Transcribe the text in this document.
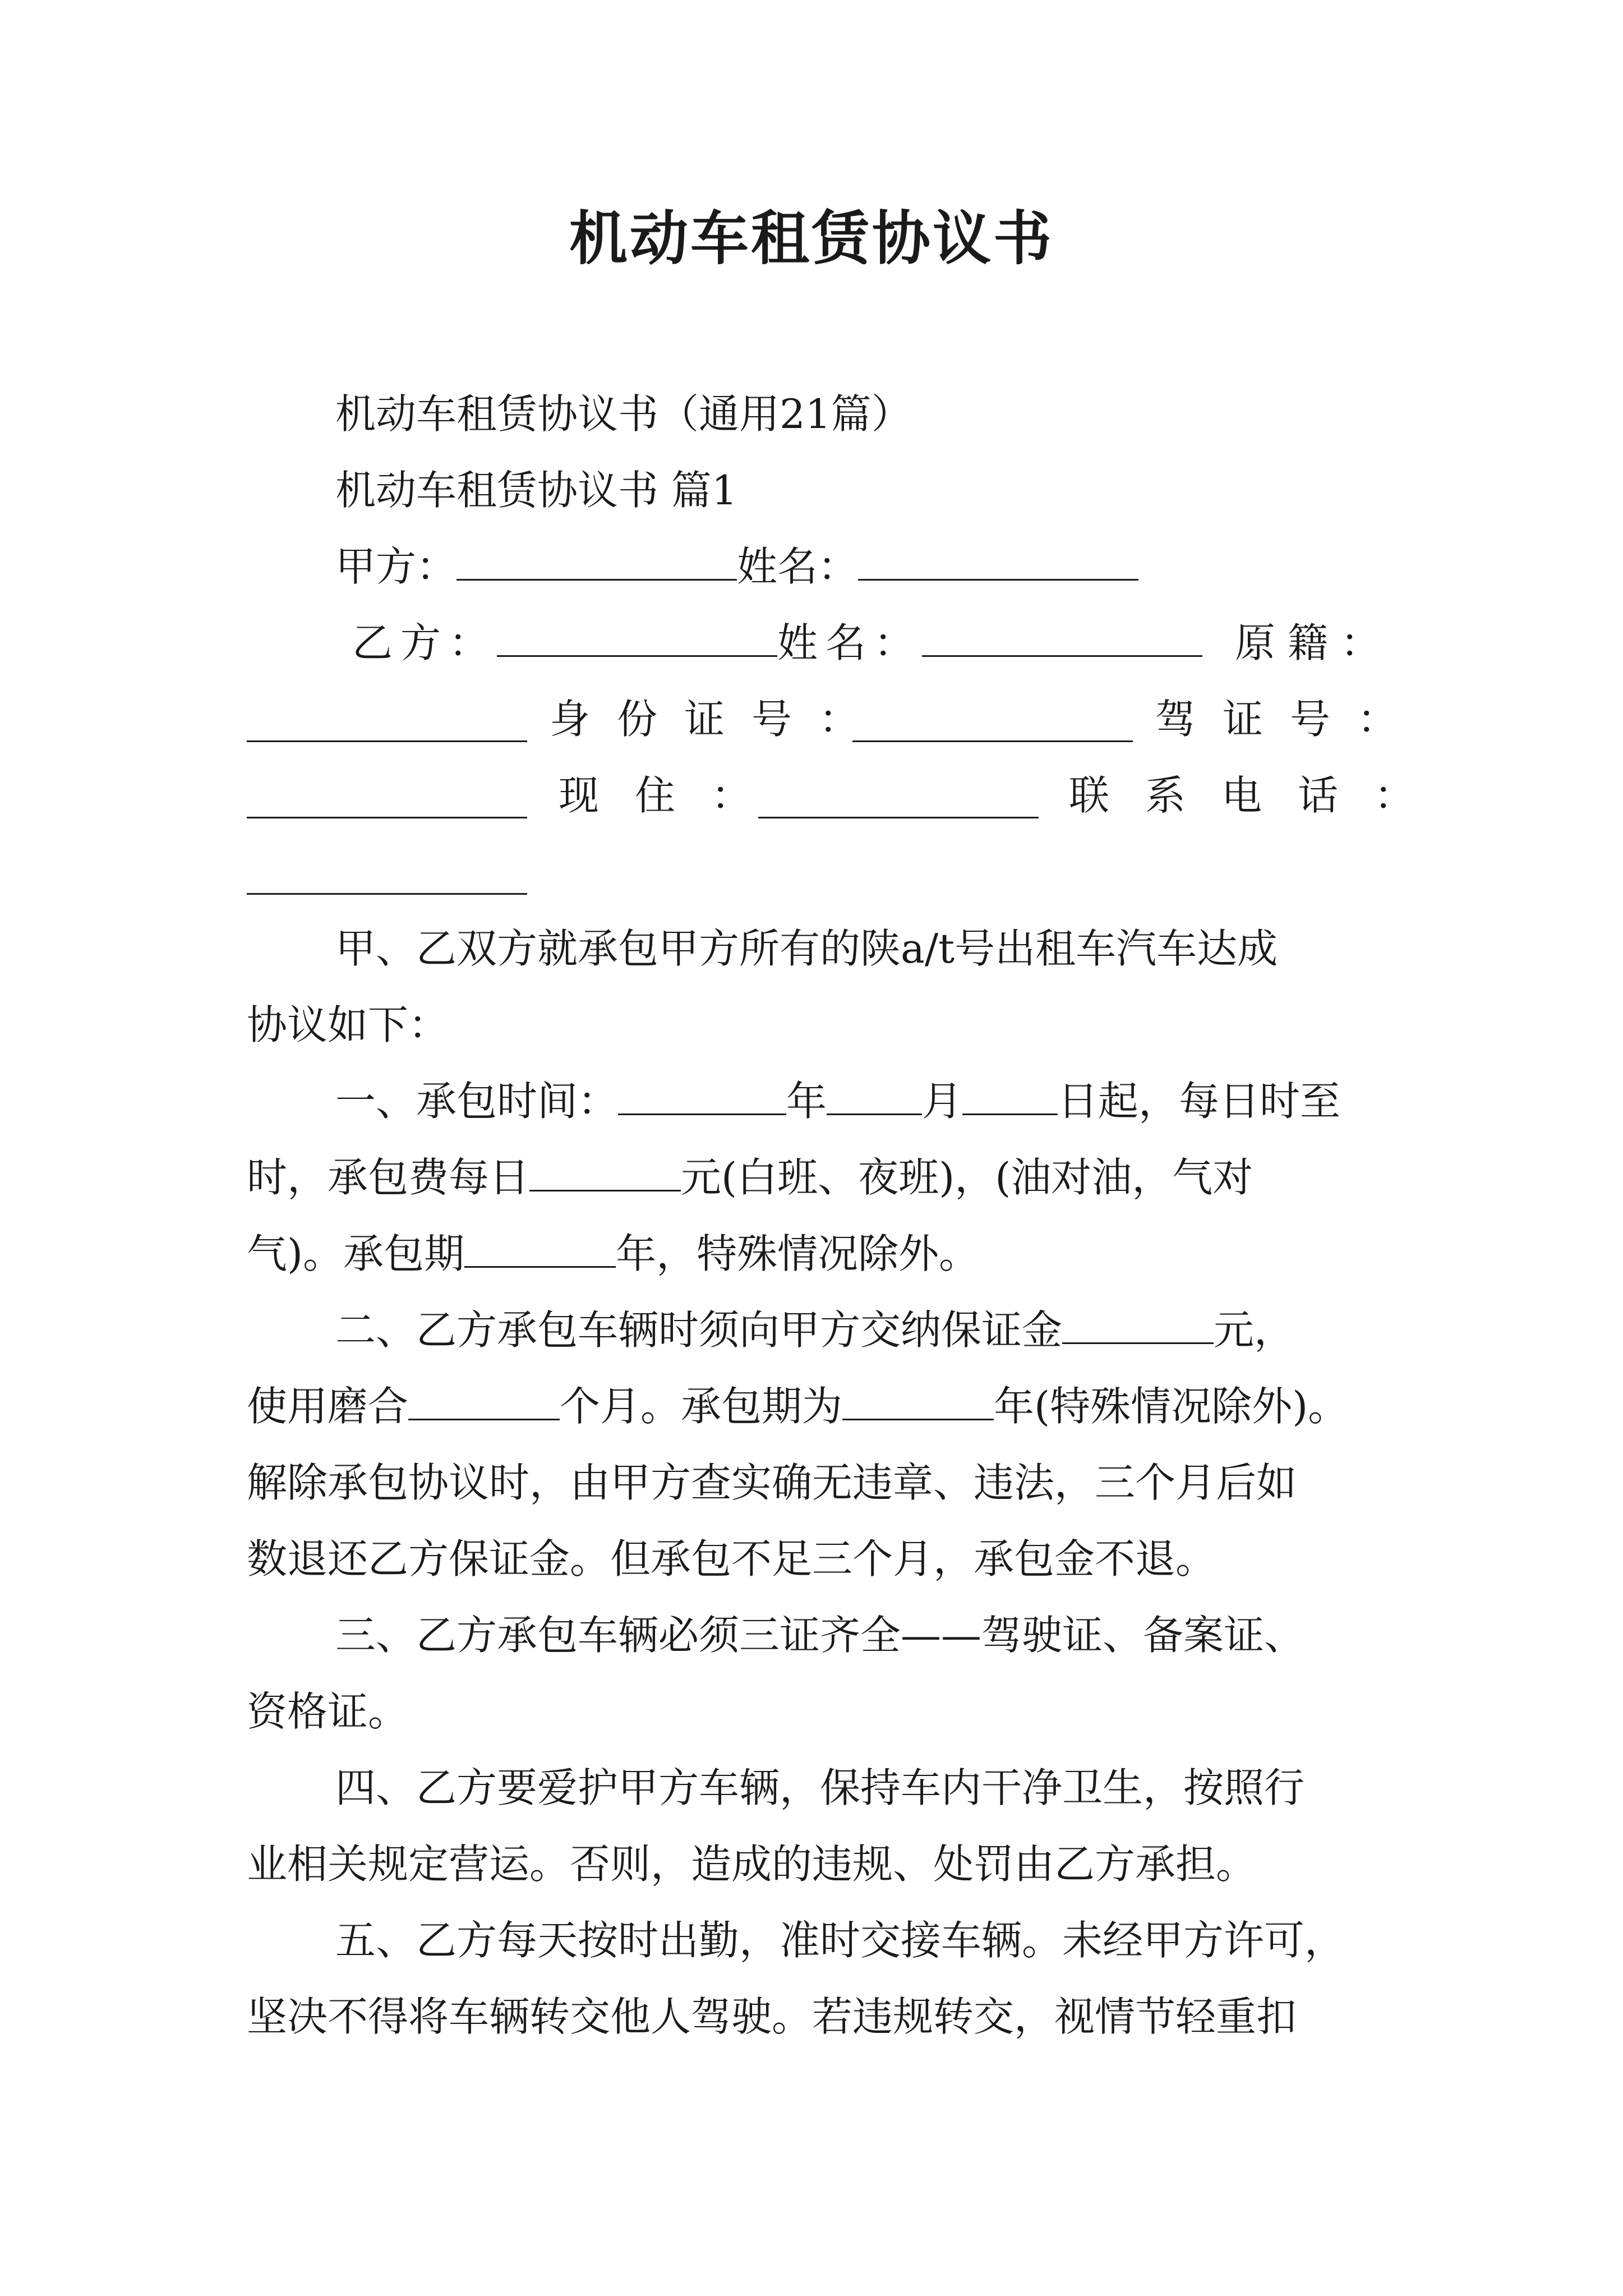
机动车租赁协议书
机动车租赁协议书（通用21篇）
机动车租赁协议书 篇1
甲方：	姓名：
乙方：	姓名：	原籍：
身份证号：	驾证号：
现住：	联系电话：
甲、乙双方就承包甲方所有的陕a/t号出租车汽车达成
协议如下：
一、承包时间：	年 月 日起，每日时至
时，承包费每日	元(白班、夜班)，(油对油，气对
气)。承包期	年，特殊情况除外。
二、乙方承包车辆时须向甲方交纳保证金	元，
使用磨合	个月。承包期为	年(特殊情况除外)。
解除承包协议时，由甲方查实确无违章、违法，三个月后如
数退还乙方保证金。但承包不足三个月，承包金不退。
三、乙方承包车辆必须三证齐全——驾驶证、备案证、
资格证。
四、乙方要爱护甲方车辆，保持车内干净卫生，按照行
业相关规定营运。否则，造成的违规、处罚由乙方承担。
五、乙方每天按时出勤，准时交接车辆。未经甲方许可，
坚决不得将车辆转交他人驾驶。若违规转交，视情节轻重扣
